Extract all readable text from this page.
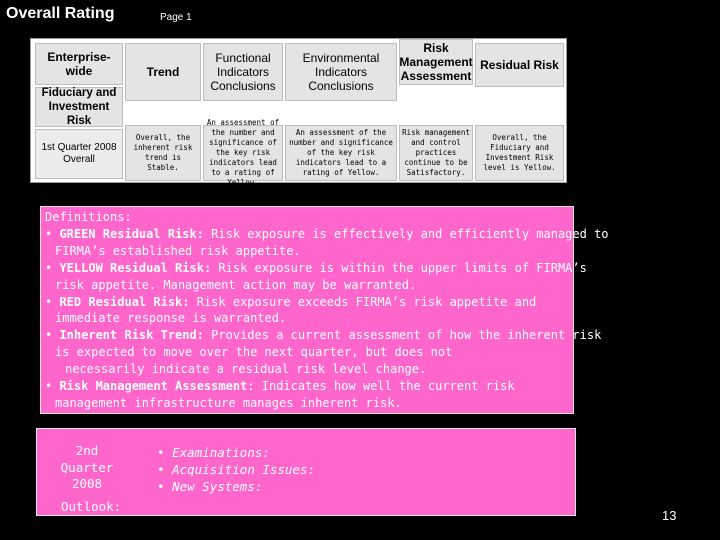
Overall Rating	Page 1
Enterprise-wide
Fiduciary and Investment Risk
1st Quarter 2008 Overall
Trend
Functional Indicators Conclusions
Environmental Indicators Conclusions
Risk Management Assessment
Residual Risk
Overall, the inherent risk trend is Stable.
An assessment of the number and significance of the key risk indicators lead to a rating of Yellow.
An assessment of the number and significance of the key risk indicators lead to a rating of Yellow.
Risk management and control practices continue to be Satisfactory.
Overall, the Fiduciary and Investment Risk level is Yellow.
Definitions:
• GREEN Residual Risk: Risk exposure is effectively and efficiently managed to
FIRMA’s established risk appetite.
• YELLOW Residual Risk: Risk exposure is within the upper limits of FIRMA’s
risk appetite. Management action may be warranted.
• RED Residual Risk: Risk exposure exceeds FIRMA’s risk appetite and
immediate response is warranted.
• Inherent Risk Trend: Provides a current assessment of how the inherent risk
is expected to move over the next quarter, but does not
necessarily indicate a residual risk level change.
• Risk Management Assessment: Indicates how well the current risk
management infrastructure manages inherent risk.
2nd
Quarter
2008
Outlook:
• Examinations:
• Acquisition Issues:
• New Systems:
13
